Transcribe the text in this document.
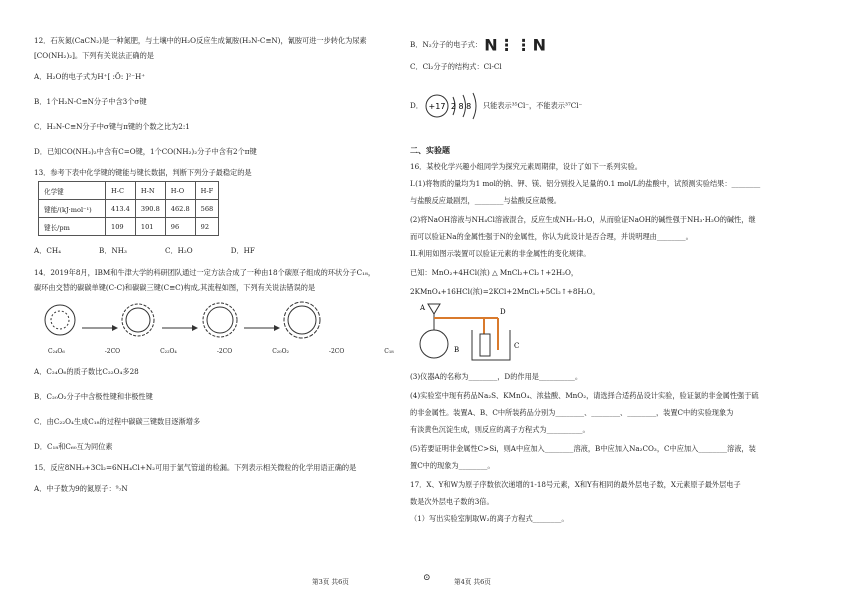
12．石灰氮(CaCN₂)是一种氮肥，与土壤中的H₂O反应生成氰胺(H₂N-C≡N)，氰胺可进一步转化为尿素

[CO(NH₂)₂]。下列有关说法正确的是

A．H₂O的电子式为H⁺[ :Ö: ]²⁻H⁺

B．1个H₂N-C≡N分子中含3个σ键

C．H₂N-C≡N分子中σ键与π键的个数之比为2:1

D．已知CO(NH₂)₂中含有C=O键，1个CO(NH₂)₂分子中含有2个π键

13．参考下表中化学键的键能与键长数据，判断下列分子最稳定的是

化学键	H-C	H-N	H-O	H-F
键能/(kJ·mol⁻¹)	413.4	390.8	462.8	568
键长/pm	109	101	96	92
A．CH₄	B．NH₃	C．H₂O	D．HF

14．2019年8月，IBM和牛津大学的科研团队通过一定方法合成了一种由18个碳原子组成的环状分子C₁₈，

碳环由交替的碳碳单键(C-C)和碳碳三键(C≡C)构成,其流程如图，下列有关说法错误的是

C₂₄O₆	-2CO	C₂₂O₄	-2CO	C₂₀O₂	-2CO	C₁₈

A．C₂₄O₆的质子数比C₂₂O₄多28

B．C₂₀O₂分子中含极性键和非极性键

C．由C₂₂O₄生成C₁₈的过程中碳碳三键数目逐渐增多

D．C₁₈和C₆₀互为同位素

15．反应8NH₃+3Cl₂=6NH₄Cl+N₂可用于氯气管道的检漏。下列表示相关微粒的化学用语正确的是

A．中子数为9的氮原子：⁹₇N

B．N₂分子的电子式： N⋮⋮N

C．Cl₂分子的结构式：Cl-Cl

D． +17 2 8 8 只能表示³⁵Cl⁻，不能表示³⁷Cl⁻

二、实验题

16．某校化学兴趣小组同学为探究元素周期律，设计了如下一系列实验。

I.(1)将物质的量均为1 mol的钠、钾、镁、铝分别投入足量的0.1 mol/L的盐酸中，试预测实验结果：________

与盐酸反应最剧烈，________与盐酸反应最慢。

(2)将NaOH溶液与NH₄Cl溶液混合，反应生成NH₃·H₂O，从而验证NaOH的碱性强于NH₃·H₂O的碱性，继

而可以验证Na的金属性强于N的金属性，你认为此设计是否合理，并说明理由________。

II.利用如图示装置可以验证元素的非金属性的变化规律。

已知：MnO₂+4HCl(浓) △ MnCl₂+Cl₂↑+2H₂O，

2KMnO₄+16HCl(浓)=2KCl+2MnCl₂+5Cl₂↑+8H₂O。

A
B	C
D

(3)仪器A的名称为________，D的作用是__________。

(4)实验室中现有药品Na₂S、KMnO₄、浓盐酸、MnO₂，请选择合适药品设计实验，验证氯的非金属性强于硫

的非金属性。装置A、B、C中所装药品分别为________、________、________，装置C中的实验现象为

有淡黄色沉淀生成，则反应的离子方程式为__________。

(5)若要证明非金属性C>Si，则A中应加入________溶液，B中应加入Na₂CO₃，C中应加入________溶液，装

置C中的现象为________。

17．X、Y和W为原子序数依次递增的1-18号元素，X和Y有相同的最外层电子数，X元素原子最外层电子

数是次外层电子数的3倍。

（1）写出实验室制取W₂的离子方程式________。

第3页 共6页	⊙	第4页 共6页
